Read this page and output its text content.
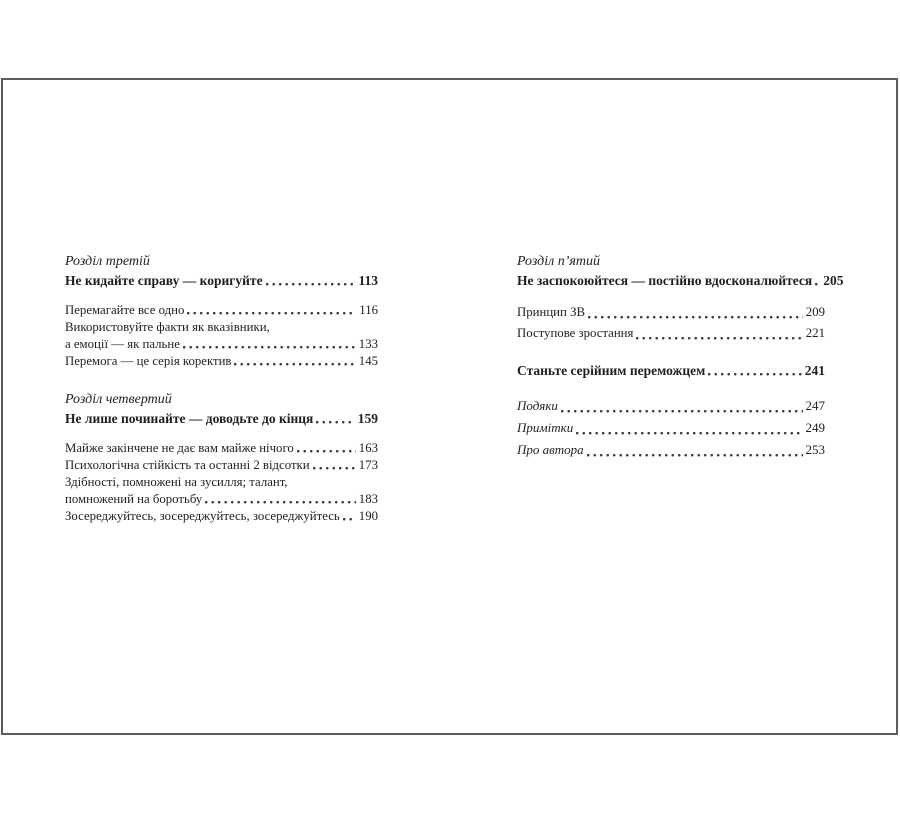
Розділ третій
Не кидайте справу — коригуйте	113
Перемагайте все одно	116
Використовуйте факти як вказівники,
а емоції — як пальне	133
Перемога — це серія коректив	145
Розділ четвертий
Не лише починайте — доводьте до кінця	159
Майже закінчене не дає вам майже нічого	163
Психологічна стійкість та останні 2 відсотки	173
Здібності, помножені на зусилля; талант,
помножений на боротьбу	183
Зосереджуйтесь, зосереджуйтесь, зосереджуйтесь 190
Розділ п’ятий
Не заспокоюйтеся — постійно вдосконалюйтеся 205
Принцип ЗВ	209
Поступове зростання	221
Станьте серійним переможцем	241
Подяки	247
Примітки	249
Про автора	253
